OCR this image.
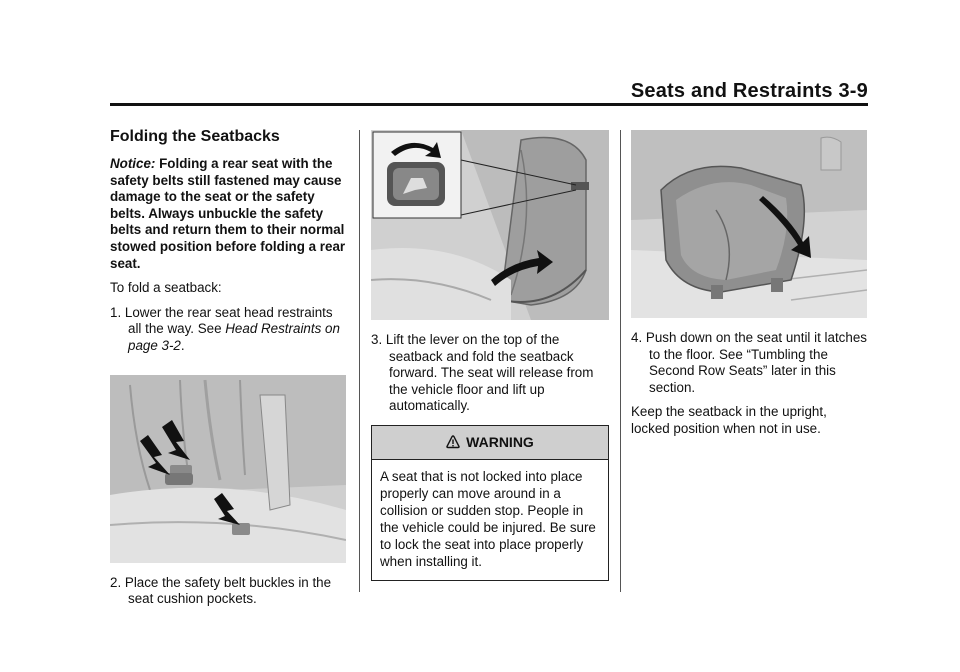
Seats and Restraints 3-9
Folding the Seatbacks
Notice: Folding a rear seat with the safety belts still fastened may cause damage to the seat or the safety belts. Always unbuckle the safety belts and return them to their normal stowed position before folding a rear seat.
To fold a seatback:
1. Lower the rear seat head restraints all the way. See Head Restraints on page 3-2.
2. Place the safety belt buckles in the seat cushion pockets.
3. Lift the lever on the top of the seatback and fold the seatback forward. The seat will release from the vehicle floor and lift up automatically.
WARNING
A seat that is not locked into place properly can move around in a collision or sudden stop. People in the vehicle could be injured. Be sure to lock the seat into place properly when installing it.
4. Push down on the seat until it latches to the floor. See “Tumbling the Second Row Seats” later in this section.
Keep the seatback in the upright, locked position when not in use.
